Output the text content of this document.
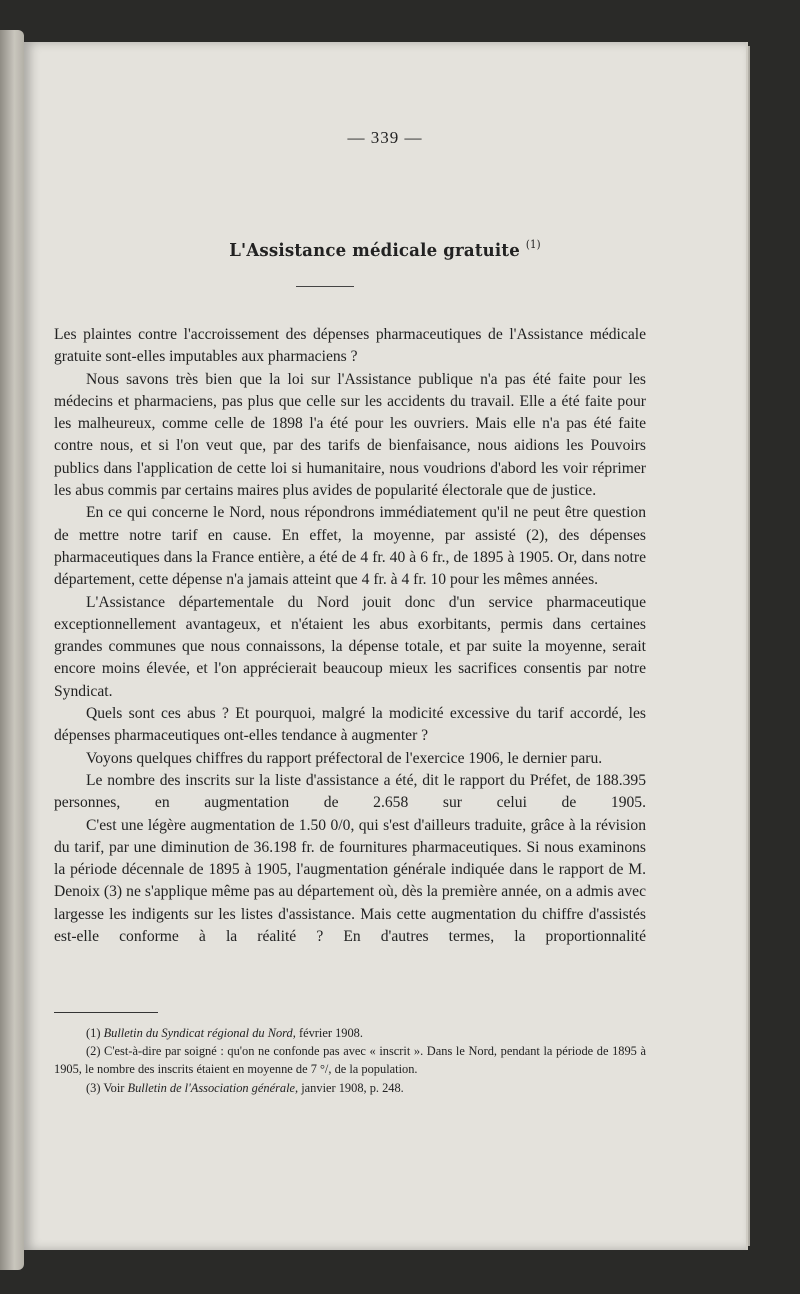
— 339 —
L'Assistance médicale gratuite $^{(1)}$

Les plaintes contre l'accroissement des dépenses pharmaceutiques de l'Assistance médicale gratuite sont-elles imputables aux pharmaciens ?

Nous savons très bien que la loi sur l'Assistance publique n'a pas été faite pour les médecins et pharmaciens, pas plus que celle sur les accidents du travail. Elle a été faite pour les malheureux, comme celle de 1898 l'a été pour les ouvriers. Mais elle n'a pas été faite contre nous, et si l'on veut que, par des tarifs de bienfaisance, nous aidions les Pouvoirs publics dans l'application de cette loi si humanitaire, nous voudrions d'abord les voir réprimer les abus commis par certains maires plus avides de popularité électorale que de justice.

En ce qui concerne le Nord, nous répondrons immédiatement qu'il ne peut être question de mettre notre tarif en cause. En effet, la moyenne, par assisté (2), des dépenses pharmaceutiques dans la France entière, a été de 4 fr. 40 à 6 fr., de 1895 à 1905. Or, dans notre département, cette dépense n'a jamais atteint que 4 fr. à 4 fr. 10 pour les mêmes années.

L'Assistance départementale du Nord jouit donc d'un service pharmaceutique exceptionnellement avantageux, et n'étaient les abus exorbitants, permis dans certaines grandes communes que nous connaissons, la dépense totale, et par suite la moyenne, serait encore moins élevée, et l'on apprécierait beaucoup mieux les sacrifices consentis par notre Syndicat.

Quels sont ces abus ? Et pourquoi, malgré la modicité excessive du tarif accordé, les dépenses pharmaceutiques ont-elles tendance à augmenter ?

Voyons quelques chiffres du rapport préfectoral de l'exercice 1906, le dernier paru.

Le nombre des inscrits sur la liste d'assistance a été, dit le rapport du Préfet, de 188.395 personnes, en augmentation de 2.658 sur celui de 1905.

C'est une légère augmentation de 1.50 0/0, qui s'est d'ailleurs traduite, grâce à la révision du tarif, par une diminution de 36.198 fr. de fournitures pharmaceutiques. Si nous examinons la période décennale de 1895 à 1905, l'augmentation générale indiquée dans le rapport de M. Denoix (3) ne s'applique même pas au département où, dès la première année, on a admis avec largesse les indigents sur les listes d'assistance. Mais cette augmentation du chiffre d'assistés est-elle conforme à la réalité ? En d'autres termes, la proportionnalité

(1) Bulletin du Syndicat régional du Nord, février 1908.

(2) C'est-à-dire par soigné : qu'on ne confonde pas avec « inscrit ». Dans le Nord, pendant la période de 1895 à 1905, le nombre des inscrits étaient en moyenne de 7 °/, de la population.

(3) Voir Bulletin de l'Association générale, janvier 1908, p. 248.
